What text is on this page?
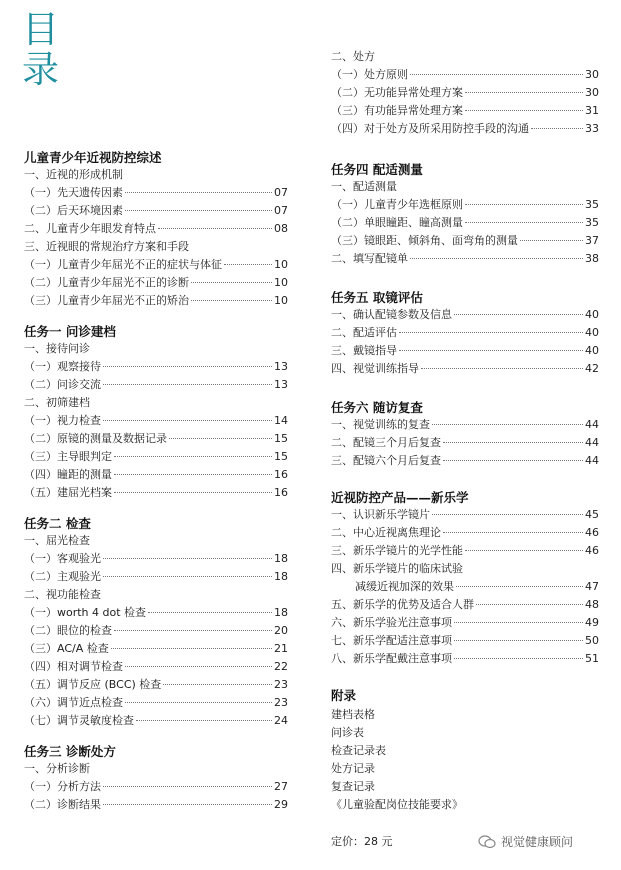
目
录
儿童青少年近视防控综述
一、近视的形成机制
（一）先天遗传因素	07
（二）后天环境因素	07
二、儿童青少年眼发育特点	08
三、近视眼的常规治疗方案和手段
（一）儿童青少年屈光不正的症状与体征	10
（二）儿童青少年屈光不正的诊断	10
（三）儿童青少年屈光不正的矫治	10
任务一 问诊建档
一、接待问诊
（一）观察接待	13
（二）问诊交流	13
二、初筛建档
（一）视力检查	14
（二）原镜的测量及数据记录	15
（三）主导眼判定	15
（四）瞳距的测量	16
（五）建屈光档案	16
任务二 检查
一、屈光检查
（一）客观验光	18
（二）主观验光	18
二、视功能检查
（一）worth 4 dot 检查	18
（二）眼位的检查	20
（三）AC/A 检查	21
（四）相对调节检查	22
（五）调节反应 (BCC) 检查	23
（六）调节近点检查	23
（七）调节灵敏度检查	24
任务三 诊断处方
一、分析诊断
（一）分析方法	27
（二）诊断结果	29
二、处方
（一）处方原则	30
（二）无功能异常处理方案	30
（三）有功能异常处理方案	31
（四）对于处方及所采用防控手段的沟通	33
任务四 配适测量
一、配适测量
（一）儿童青少年选框原则	35
（二）单眼瞳距、瞳高测量	35
（三）镜眼距、倾斜角、面弯角的测量	37
二、填写配镜单	38
任务五 取镜评估
一、确认配镜参数及信息	40
二、配适评估	40
三、戴镜指导	40
四、视觉训练指导	42
任务六 随访复查
一、视觉训练的复查	44
二、配镜三个月后复查	44
三、配镜六个月后复查	44
近视防控产品——新乐学
一、认识新乐学镜片	45
二、中心近视离焦理论	46
三、新乐学镜片的光学性能	46
四、新乐学镜片的临床试验
减缓近视加深的效果	47
五、新乐学的优势及适合人群	48
六、新乐学验光注意事项	49
七、新乐学配适注意事项	50
八、新乐学配戴注意事项	51
附录
建档表格
问诊表
检查记录表
处方记录
复查记录
《儿童验配岗位技能要求》
定价：28 元	视觉健康顾问
